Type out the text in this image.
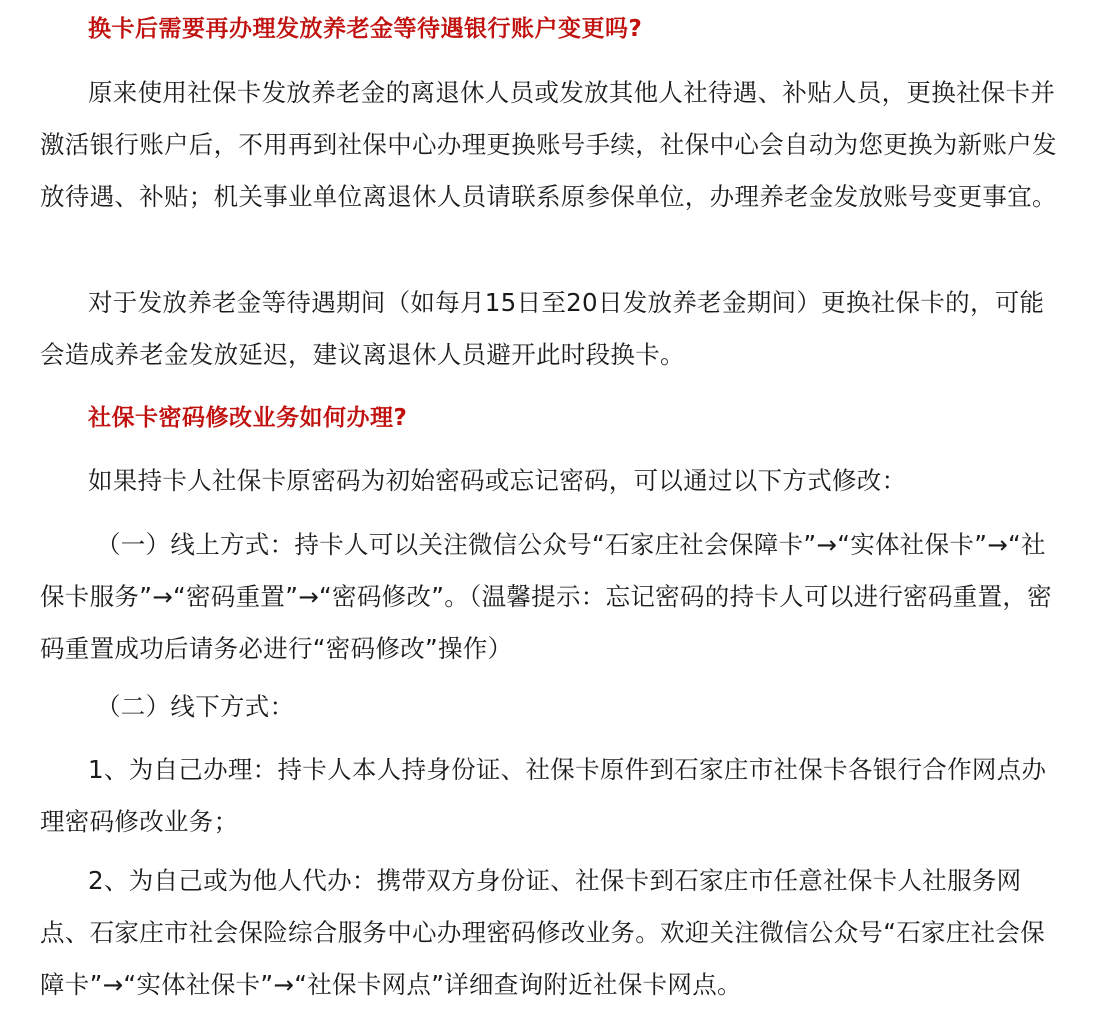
换卡后需要再办理发放养老金等待遇银行账户变更吗?

原来使用社保卡发放养老金的离退休人员或发放其他人社待遇、补贴人员，更换社保卡并激活银行账户后，不用再到社保中心办理更换账号手续，社保中心会自动为您更换为新账户发放待遇、补贴；机关事业单位离退休人员请联系原参保单位，办理养老金发放账号变更事宜。

对于发放养老金等待遇期间（如每月15日至20日发放养老金期间）更换社保卡的，可能会造成养老金发放延迟，建议离退休人员避开此时段换卡。

社保卡密码修改业务如何办理?

如果持卡人社保卡原密码为初始密码或忘记密码，可以通过以下方式修改：

（一）线上方式：持卡人可以关注微信公众号“石家庄社会保障卡”→“实体社保卡”→“社保卡服务”→“密码重置”→“密码修改”。（温馨提示：忘记密码的持卡人可以进行密码重置，密码重置成功后请务必进行“密码修改”操作）

（二）线下方式：

1、为自己办理：持卡人本人持身份证、社保卡原件到石家庄市社保卡各银行合作网点办理密码修改业务；

2、为自己或为他人代办：携带双方身份证、社保卡到石家庄市任意社保卡人社服务网点、石家庄市社会保险综合服务中心办理密码修改业务。欢迎关注微信公众号“石家庄社会保障卡”→“实体社保卡”→“社保卡网点”详细查询附近社保卡网点。
